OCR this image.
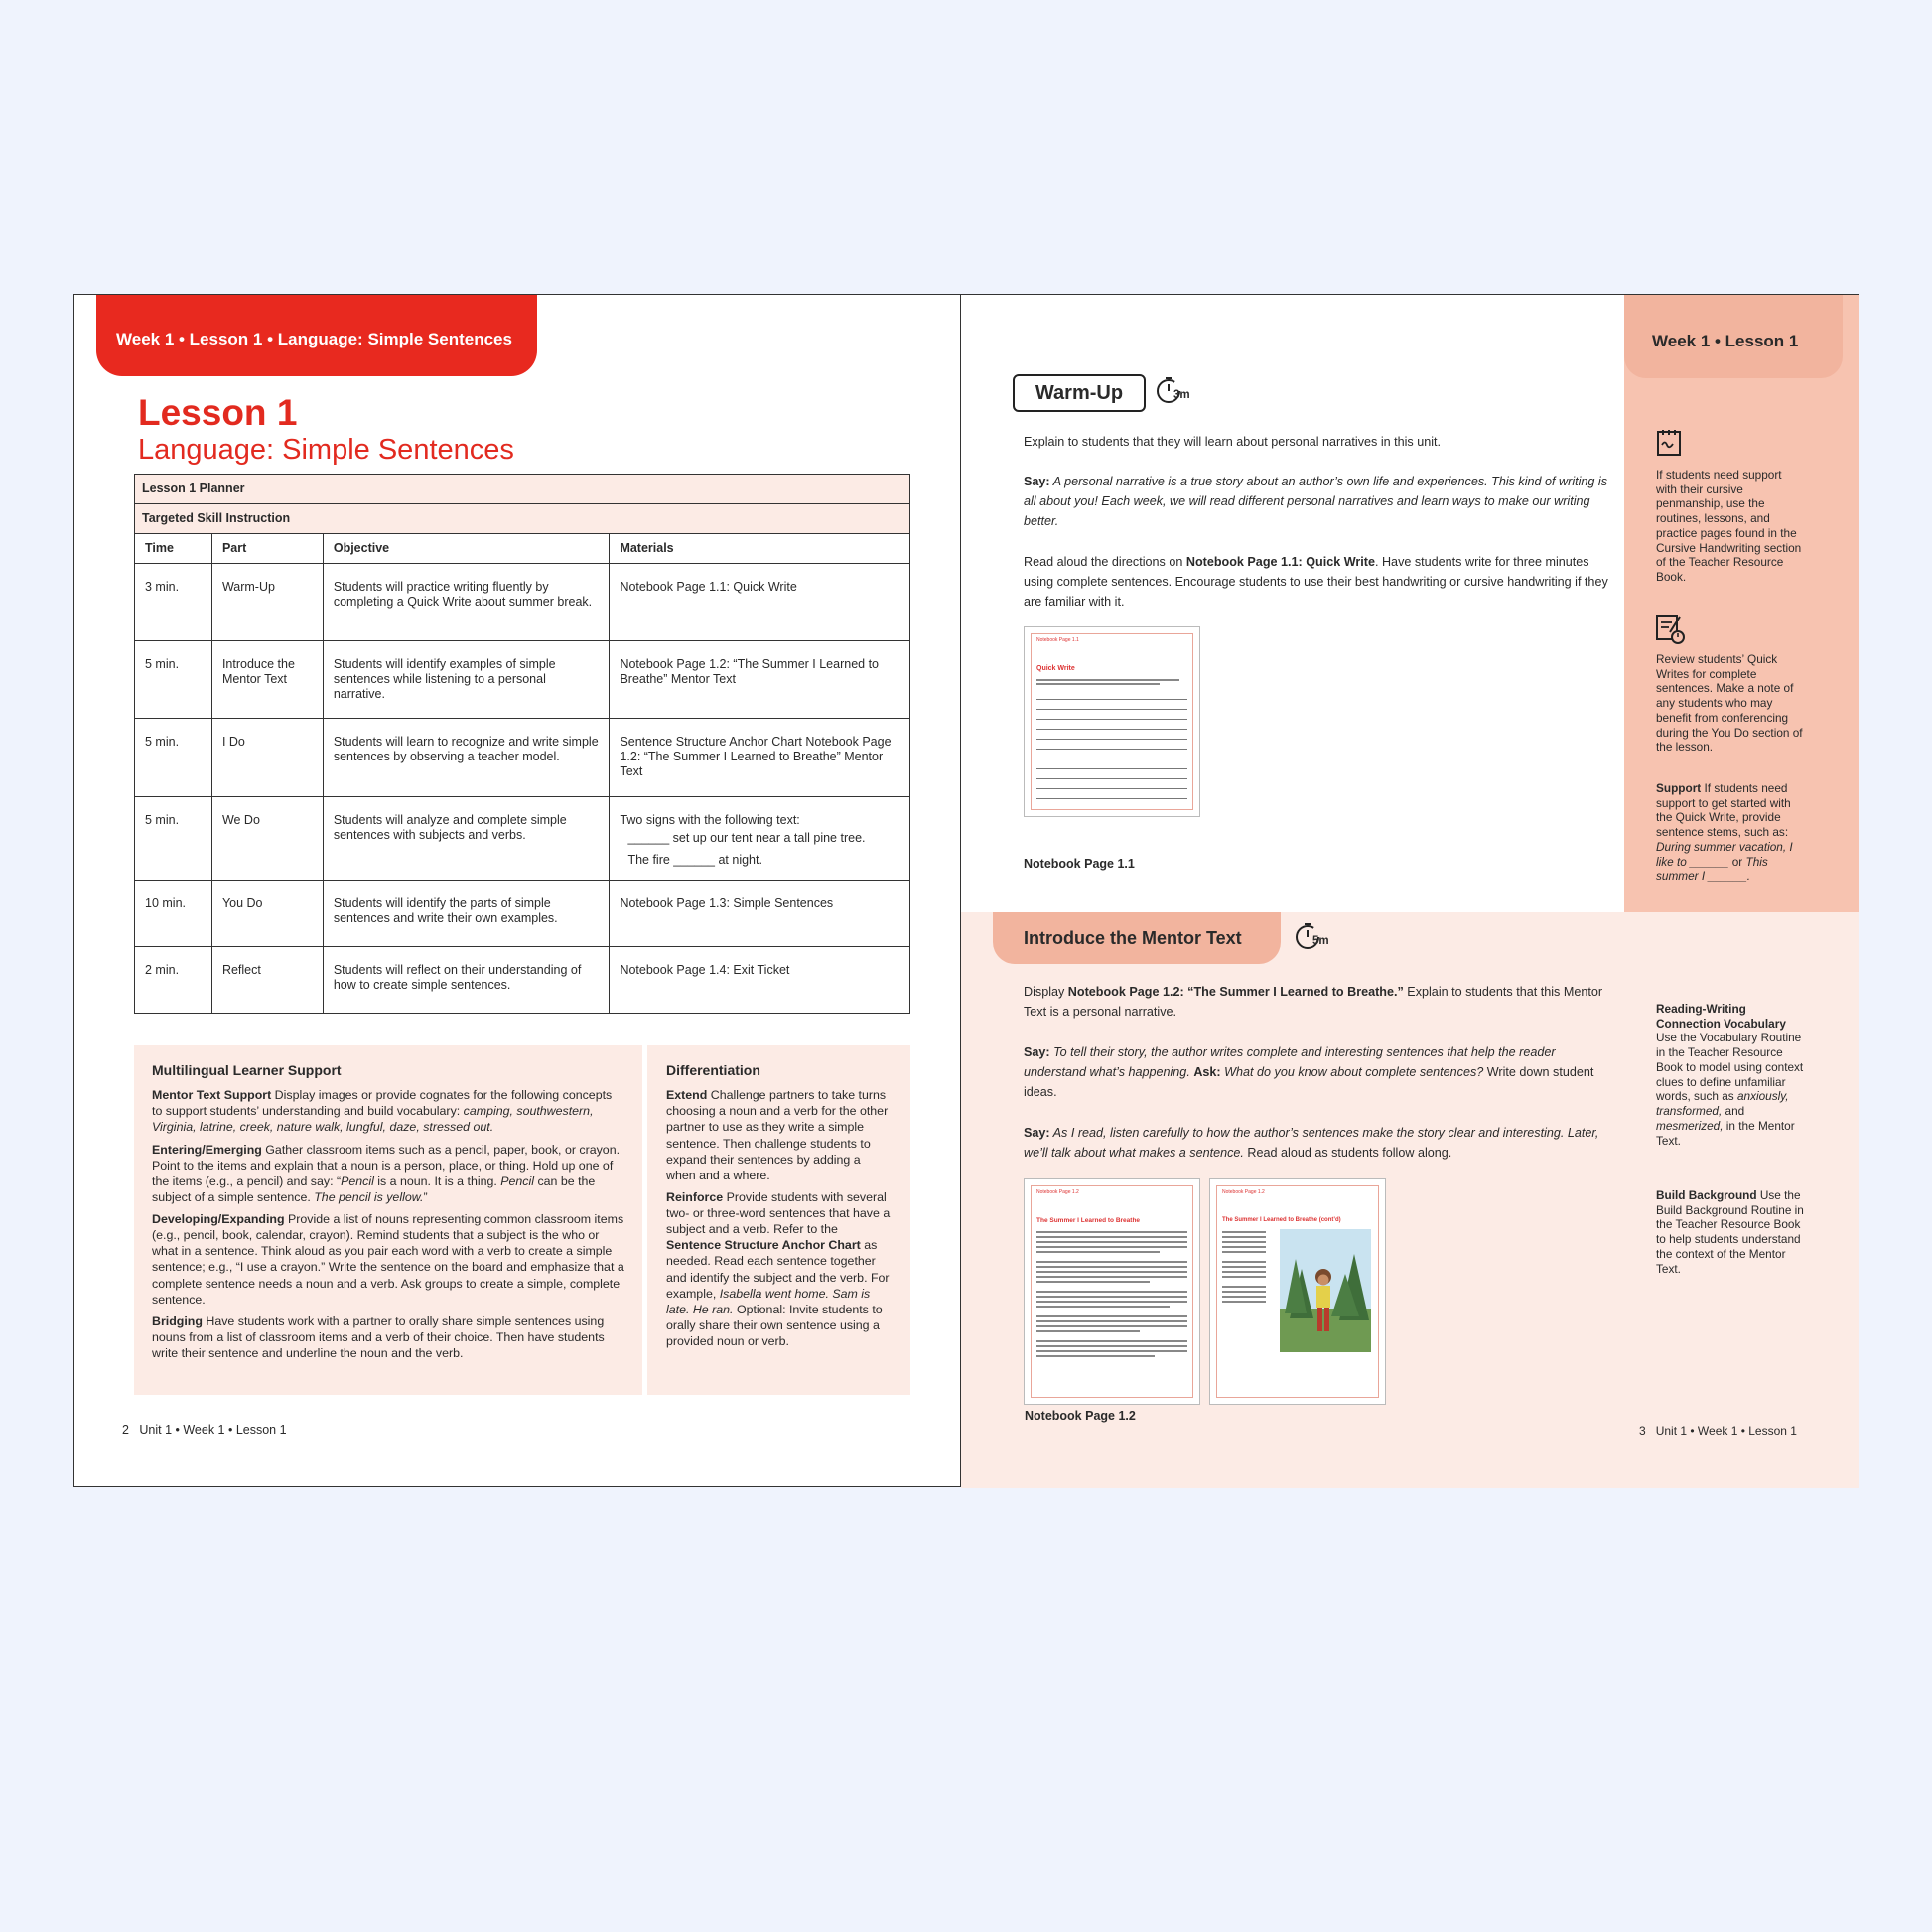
Week 1 • Lesson 1 • Language: Simple Sentences
Lesson 1
Language: Simple Sentences
Lesson 1 Planner			
Targeted Skill Instruction			
Time	Part	Objective	Materials
3 min.	Warm-Up	Students will practice writing fluently by completing a Quick Write about summer break.	Notebook Page 1.1: Quick Write
5 min.	Introduce the Mentor Text	Students will identify examples of simple sentences while listening to a personal narrative.	Notebook Page 1.2: “The Summer I Learned to Breathe” Mentor Text
5 min.	I Do	Students will learn to recognize and write simple sentences by observing a teacher model.	Sentence Structure Anchor Chart Notebook Page 1.2: “The Summer I Learned to Breathe” Mentor Text
5 min.	We Do	Students will analyze and complete simple sentences with subjects and verbs.	Two signs with the following text:
______ set up our tent near a tall pine tree.
The fire ______ at night.

10 min.	You Do	Students will identify the parts of simple sentences and write their own examples.	Notebook Page 1.3: Simple Sentences
2 min.	Reflect	Students will reflect on their understanding of how to create simple sentences.	Notebook Page 1.4: Exit Ticket
Multilingual Learner Support
Mentor Text Support Display images or provide cognates for the following concepts to support students’ understanding and build vocabulary: camping, southwestern, Virginia, latrine, creek, nature walk, lungful, daze, stressed out.
Entering/Emerging Gather classroom items such as a pencil, paper, book, or crayon. Point to the items and explain that a noun is a person, place, or thing. Hold up one of the items (e.g., a pencil) and say: “Pencil is a noun. It is a thing. Pencil can be the subject of a simple sentence. The pencil is yellow.”
Developing/Expanding Provide a list of nouns representing common classroom items (e.g., pencil, book, calendar, crayon). Remind students that a subject is the who or what in a sentence. Think aloud as you pair each word with a verb to create a simple sentence; e.g., “I use a crayon.” Write the sentence on the board and emphasize that a complete sentence needs a noun and a verb. Ask groups to create a simple, complete sentence.
Bridging Have students work with a partner to orally share simple sentences using nouns from a list of classroom items and a verb of their choice. Then have students write their sentence and underline the noun and the verb.
Differentiation
Extend Challenge partners to take turns choosing a noun and a verb for the other partner to use as they write a simple sentence. Then challenge students to expand their sentences by adding a when and a where.
Reinforce Provide students with several two- or three-word sentences that have a subject and a verb. Refer to the Sentence Structure Anchor Chart as needed. Read each sentence together and identify the subject and the verb. For example, Isabella went home. Sam is late. He ran. Optional: Invite students to orally share their own sentence using a provided noun or verb.
2 Unit 1 • Week 1 • Lesson 1
Week 1 • Lesson 1
Warm-Up	3m
Explain to students that they will learn about personal narratives in this unit.
Say: A personal narrative is a true story about an author’s own life and experiences. This kind of writing is all about you! Each week, we will read different personal narratives and learn ways to make our writing better.
Read aloud the directions on Notebook Page 1.1: Quick Write. Have students write for three minutes using complete sentences. Encourage students to use their best handwriting or cursive handwriting if they are familiar with it.
Notebook Page 1.1
Quick Write
Notebook Page 1.1
If students need support with their cursive penmanship, use the routines, lessons, and practice pages found in the Cursive Handwriting section of the Teacher Resource Book.
Review students’ Quick Writes for complete sentences. Make a note of any students who may benefit from conferencing during the You Do section of the lesson.
Support If students need support to get started with the Quick Write, provide sentence stems, such as: During summer vacation, I like to ______ or This summer I ______.
Introduce the Mentor Text	5m
Display Notebook Page 1.2: “The Summer I Learned to Breathe.” Explain to students that this Mentor Text is a personal narrative.
Say: To tell their story, the author writes complete and interesting sentences that help the reader understand what’s happening. Ask: What do you know about complete sentences? Write down student ideas.
Say: As I read, listen carefully to how the author’s sentences make the story clear and interesting. Later, we’ll talk about what makes a sentence. Read aloud as students follow along.
Notebook Page 1.2
The Summer I Learned to Breathe
Notebook Page 1.2
The Summer I Learned to Breathe (cont’d)
Notebook Page 1.2
Reading-Writing Connection Vocabulary Use the Vocabulary Routine in the Teacher Resource Book to model using context clues to define unfamiliar words, such as anxiously, transformed, and mesmerized, in the Mentor Text.
Build Background Use the Build Background Routine in the Teacher Resource Book to help students understand the context of the Mentor Text.
3 Unit 1 • Week 1 • Lesson 1
